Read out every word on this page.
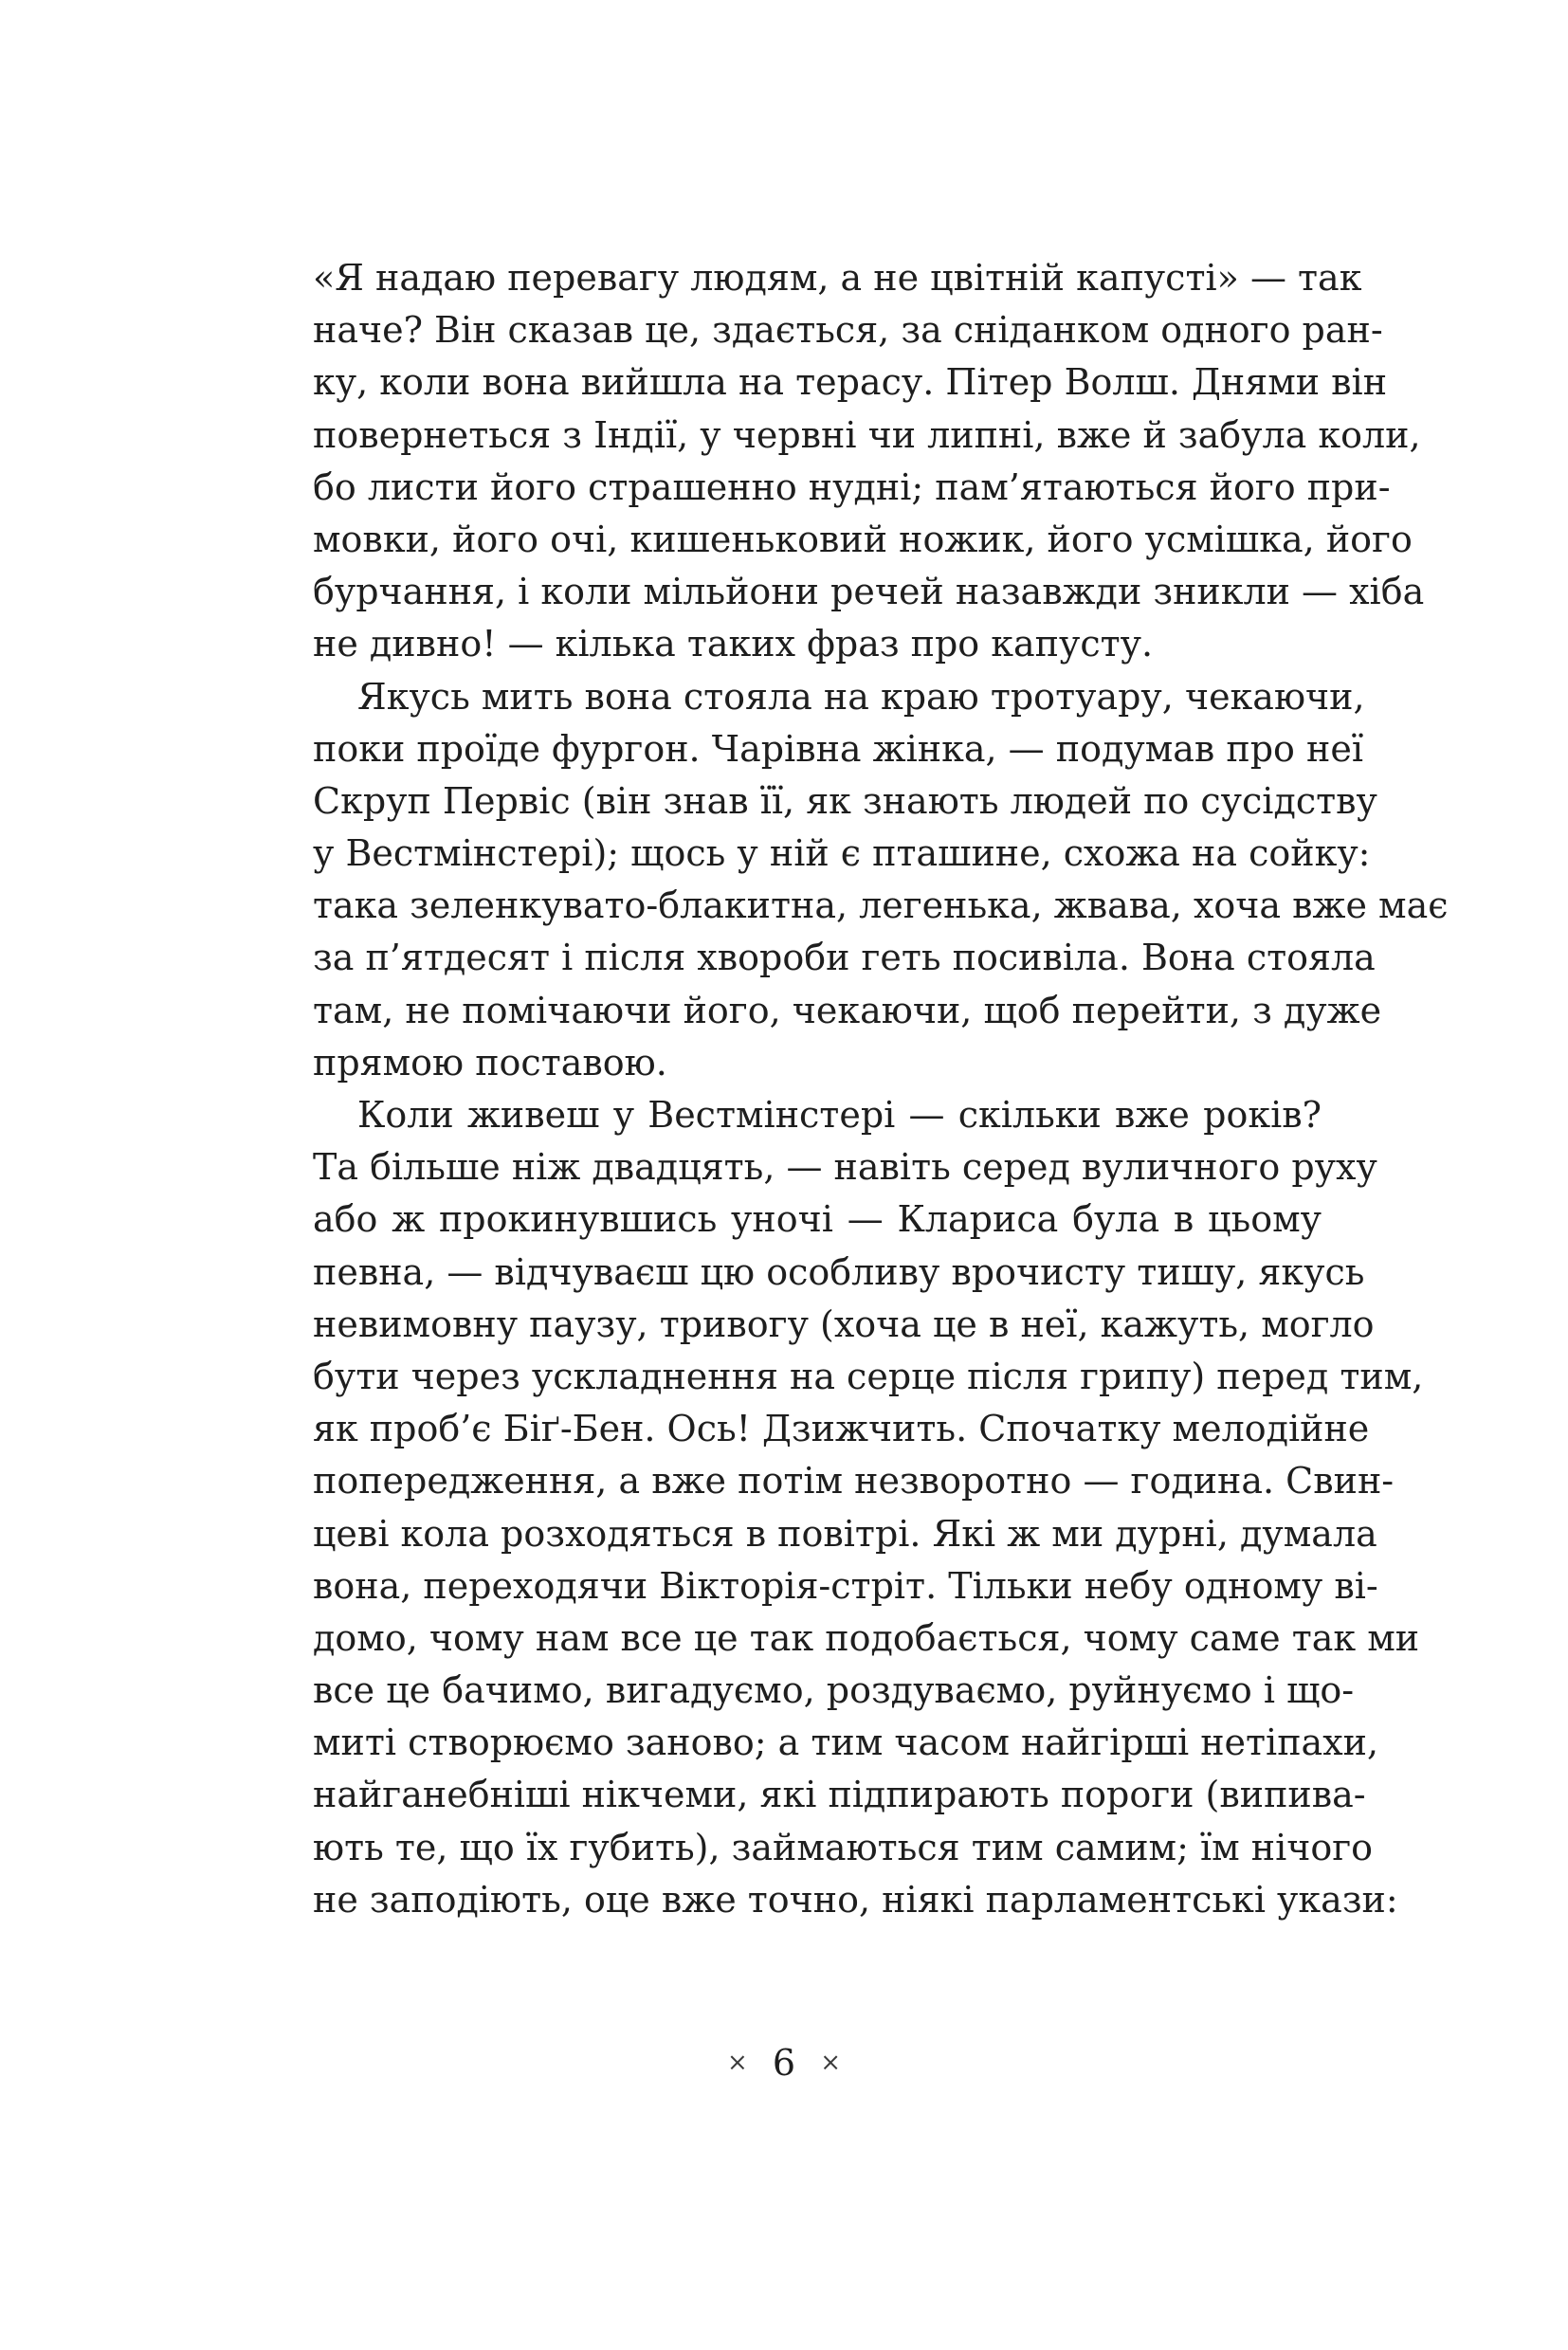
«Я надаю перевагу людям, а не цвітній капусті» — так
наче? Він сказав це, здається, за сніданком одного ран-
ку, коли вона вийшла на терасу. Пітер Волш. Днями він
повернеться з Індії, у червні чи липні, вже й забула коли,
бо листи його страшенно нудні; пам’ятаються його при-
мовки, його очі, кишеньковий ножик, його усмішка, його
бурчання, і коли мільйони речей назавжди зникли — хіба
не дивно! — кілька таких фраз про капусту.
Якусь мить вона стояла на краю тротуару, чекаючи,
поки проїде фургон. Чарівна жінка, — подумав про неї
Скруп Первіс (він знав її, як знають людей по сусідству
у Вестмінстері); щось у ній є пташине, схожа на сойку:
така зеленкувато-блакитна, легенька, жвава, хоча вже має
за п’ятдесят і після хвороби геть посивіла. Вона стояла
там, не помічаючи його, чекаючи, щоб перейти, з дуже
прямою поставою.
Коли живеш у Вестмінстері — скільки вже років?
Та більше ніж двадцять, — навіть серед вуличного руху
або ж прокинувшись уночі — Клариса була в цьому
певна, — відчуваєш цю особливу врочисту тишу, якусь
невимовну паузу, тривогу (хоча це в неї, кажуть, могло
бути через ускладнення на серце після грипу) перед тим,
як проб’є Біґ-Бен. Ось! Дзижчить. Спочатку мелодійне
попередження, а вже потім незворотно — година. Свин-
цеві кола розходяться в повітрі. Які ж ми дурні, думала
вона, переходячи Вікторія-стріт. Тільки небу одному ві-
домо, чому нам все це так подобається, чому саме так ми
все це бачимо, вигадуємо, роздуваємо, руйнуємо і що-
миті створюємо заново; а тим часом найгірші нетіпахи,
найганебніші нікчеми, які підпирають пороги (випива-
ють те, що їх губить), займаються тим самим; їм нічого
не заподіють, оце вже точно, ніякі парламентські укази:
× 6 ×
